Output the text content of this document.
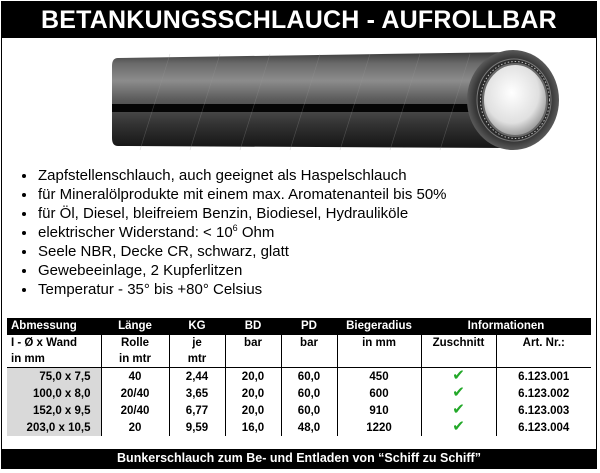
BETANKUNGSSCHLAUCH - AUFROLLBAR
Zapfstellenschlauch, auch geeignet als Haspelschlauch
für Mineralölprodukte mit einem max. Aromatenanteil bis 50%
für Öl, Diesel, bleifreiem Benzin, Biodiesel, Hydrauliköle
elektrischer Widerstand: < $10^6$ Ohm
Seele NBR, Decke CR, schwarz, glatt
Gewebeeinlage, 2 Kupferlitzen
Temperatur - 35° bis +80° Celsius
Abmessung	Länge	KG	BD	PD	Biegeradius	Informationen	
I - Ø x Wand	Rolle	je	bar	bar	in mm	Zuschnitt	Art. Nr.:
in mm	in mtr	mtr					
75,0 x 7,5	40	2,44	20,0	60,0	450	✔	6.123.001
100,0 x 8,0	20/40	3,65	20,0	60,0	600	✔	6.123.002
152,0 x 9,5	20/40	6,77	20,0	60,0	910	✔	6.123.003
203,0 x 10,5	20	9,59	16,0	48,0	1220	✔	6.123.004
Bunkerschlauch zum Be- und Entladen von “Schiff zu Schiff”
